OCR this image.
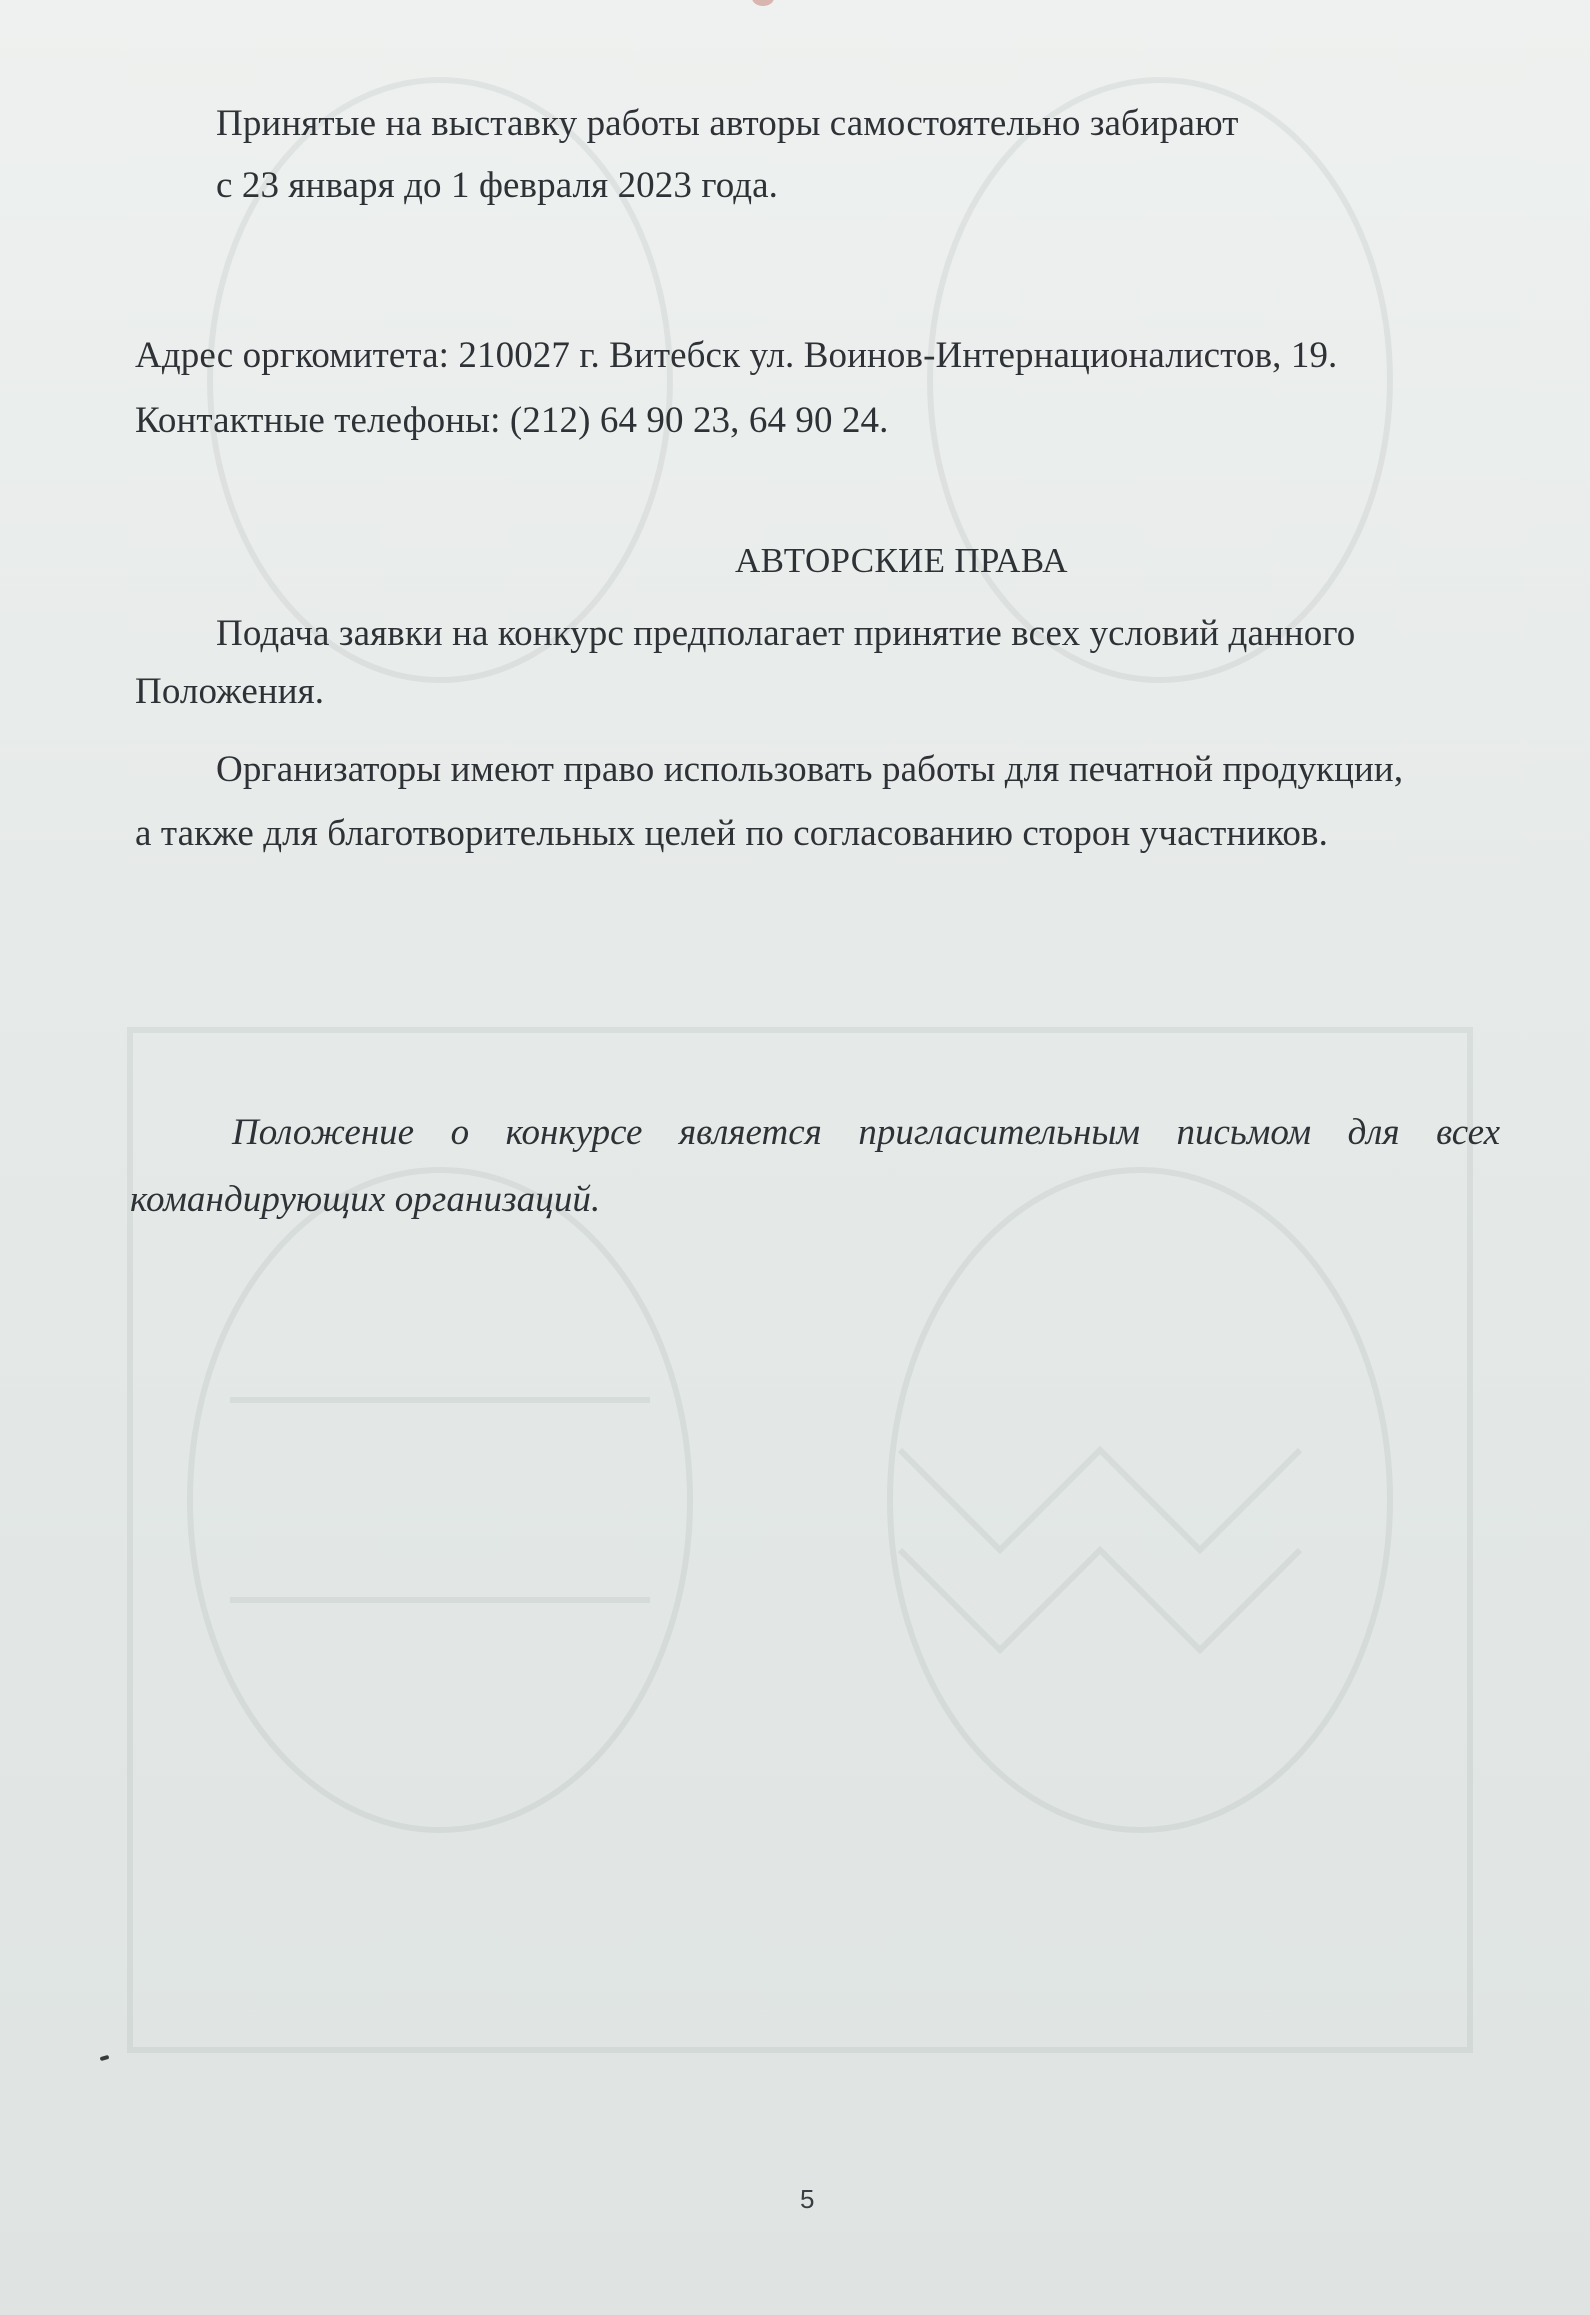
Принятые на выставку работы авторы самостоятельно забирают
с 23 января до 1 февраля 2023 года.
Адрес оргкомитета: 210027 г. Витебск ул. Воинов-Интернационалистов, 19.
Контактные телефоны: (212) 64 90 23, 64 90 24.
АВТОРСКИЕ ПРАВА
Подача заявки на конкурс предполагает принятие всех условий данного
Положения.
Организаторы имеют право использовать работы для печатной продукции,
а также для благотворительных целей по согласованию сторон участников.
Положение о конкурсе является пригласительным письмом для всех
командирующих организаций.
5
